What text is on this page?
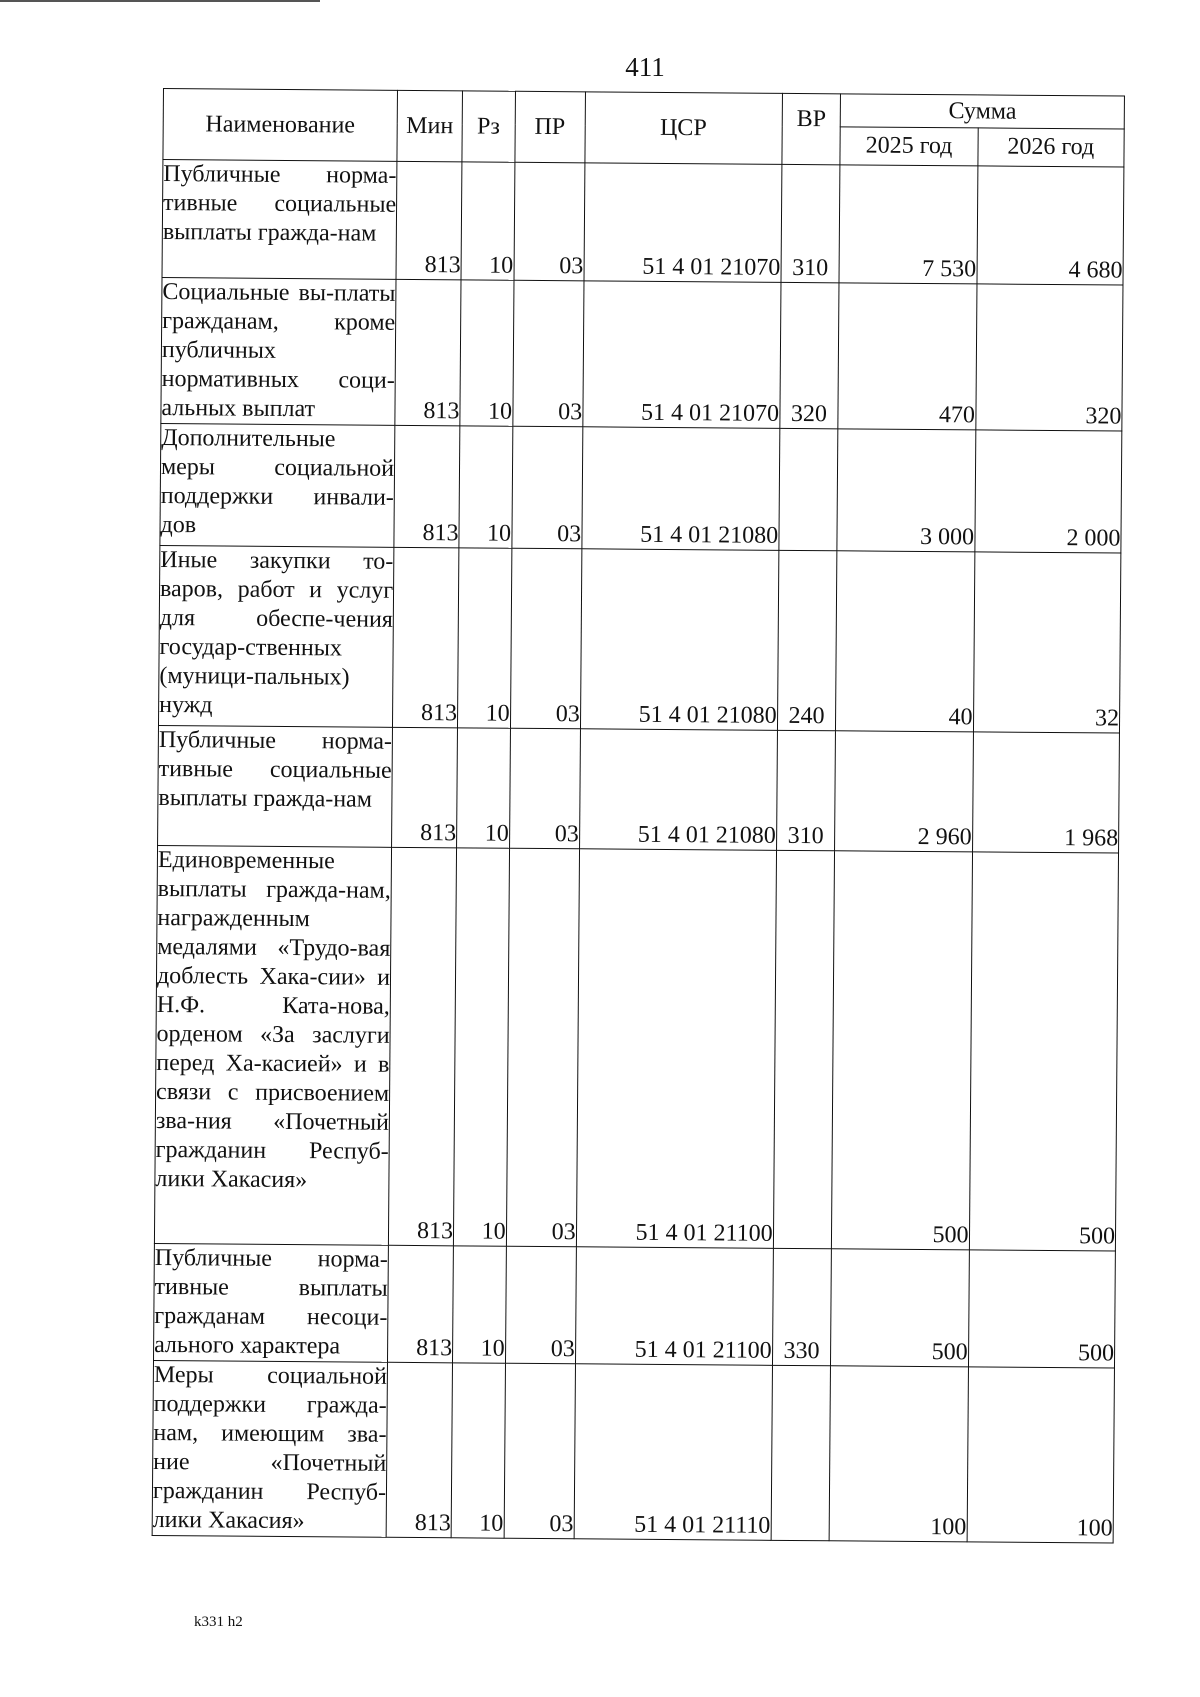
411
Наименование	Мин	Рз	ПР	ЦСР	ВР	Сумма	
						2025 год	2026 год
Публичные норма-тивные социальные выплаты гражда-нам	813	10	03	51 4 01 21070	310	7 530	4 680
Социальные вы-платы гражданам, кроме публичных нормативных соци-альных выплат	813	10	03	51 4 01 21070	320	470	320
Дополнительные меры социальной поддержки инвали-дов	813	10	03	51 4 01 21080		3 000	2 000
Иные закупки то-варов, работ и услуг для обеспе-чения государ-ственных (муници-пальных) нужд	813	10	03	51 4 01 21080	240	40	32
Публичные норма-тивные социальные выплаты гражда-нам	813	10	03	51 4 01 21080	310	2 960	1 968
Единовременные выплаты гражда-нам, награжденным медалями «Трудо-вая доблесть Хака-сии» и Н.Ф. Ката-нова, орденом «За заслуги перед Ха-касией» и в связи с присвоением зва-ния «Почетный гражданин Респуб-лики Хакасия»	813	10	03	51 4 01 21100		500	500
Публичные норма-тивные выплаты гражданам несоци-ального характера	813	10	03	51 4 01 21100	330	500	500
Меры социальной поддержки гражда-нам, имеющим зва-ние «Почетный гражданин Респуб-лики Хакасия»	813	10	03	51 4 01 21110		100	100
k331 h2
